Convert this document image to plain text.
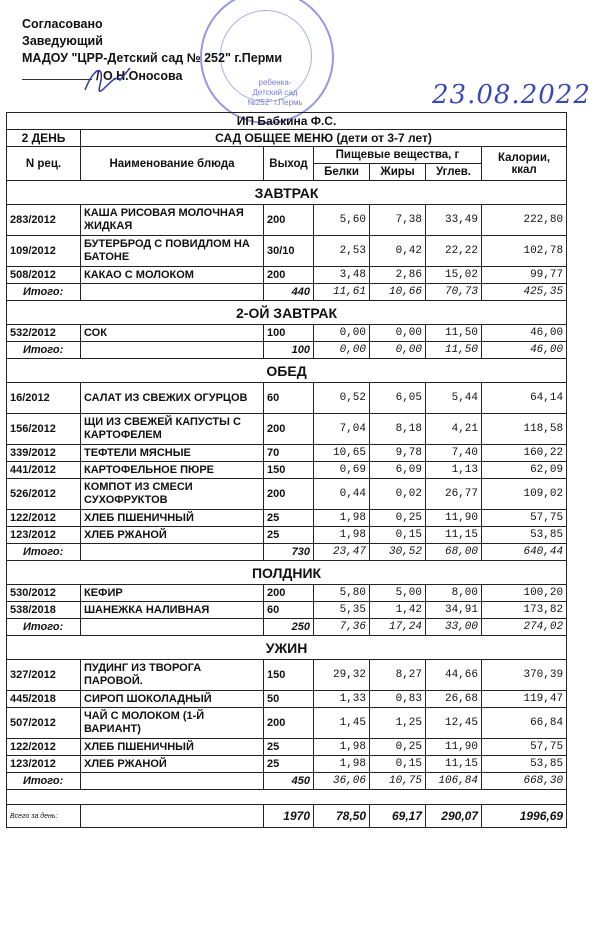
ребенка-Детский сад №252" г.Пермь
Согласовано
Заведующий
МАДОУ "ЦРР-Детский сад № 252" г.Перми
/ О.Н.Оносова
23.08.2022
ИП Бабкина Ф.С.						
2 ДЕНЬ	САД ОБЩЕЕ МЕНЮ (дети от 3-7 лет)					
N рец.	Наименование блюда	Выход	Пищевые вещества, г			Калории, ккал
			Белки	Жиры	Углев.	
ЗАВТРАК						
283/2012	КАША РИСОВАЯ МОЛОЧНАЯ ЖИДКАЯ	200	5,60	7,38	33,49	222,80
109/2012	БУТЕРБРОД С ПОВИДЛОМ НА БАТОНЕ	30/10	2,53	0,42	22,22	102,78
508/2012	КАКАО С МОЛОКОМ	200	3,48	2,86	15,02	99,77
Итого:		440	11,61	10,66	70,73	425,35
2-ОЙ ЗАВТРАК						
532/2012	СОК	100	0,00	0,00	11,50	46,00
Итого:		100	0,00	0,00	11,50	46,00
ОБЕД						
16/2012	САЛАТ ИЗ СВЕЖИХ ОГУРЦОВ	60	0,52	6,05	5,44	64,14
156/2012	ЩИ ИЗ СВЕЖЕЙ КАПУСТЫ С КАРТОФЕЛЕМ	200	7,04	8,18	4,21	118,58
339/2012	ТЕФТЕЛИ МЯСНЫЕ	70	10,65	9,78	7,40	160,22
441/2012	КАРТОФЕЛЬНОЕ ПЮРЕ	150	0,69	6,09	1,13	62,09
526/2012	КОМПОТ ИЗ СМЕСИ СУХОФРУКТОВ	200	0,44	0,02	26,77	109,02
122/2012	ХЛЕБ ПШЕНИЧНЫЙ	25	1,98	0,25	11,90	57,75
123/2012	ХЛЕБ РЖАНОЙ	25	1,98	0,15	11,15	53,85
Итого:		730	23,47	30,52	68,00	640,44
ПОЛДНИК						
530/2012	КЕФИР	200	5,80	5,00	8,00	100,20
538/2018	ШАНЕЖКА НАЛИВНАЯ	60	5,35	1,42	34,91	173,82
Итого:		250	7,36	17,24	33,00	274,02
УЖИН						
327/2012	ПУДИНГ ИЗ ТВОРОГА ПАРОВОЙ.	150	29,32	8,27	44,66	370,39
445/2018	СИРОП ШОКОЛАДНЫЙ	50	1,33	0,83	26,68	119,47
507/2012	ЧАЙ С МОЛОКОМ (1-Й ВАРИАНТ)	200	1,45	1,25	12,45	66,84
122/2012	ХЛЕБ ПШЕНИЧНЫЙ	25	1,98	0,25	11,90	57,75
123/2012	ХЛЕБ РЖАНОЙ	25	1,98	0,15	11,15	53,85
Итого:		450	36,06	10,75	106,84	668,30

Всего за день:		1970	78,50	69,17	290,07	1996,69
